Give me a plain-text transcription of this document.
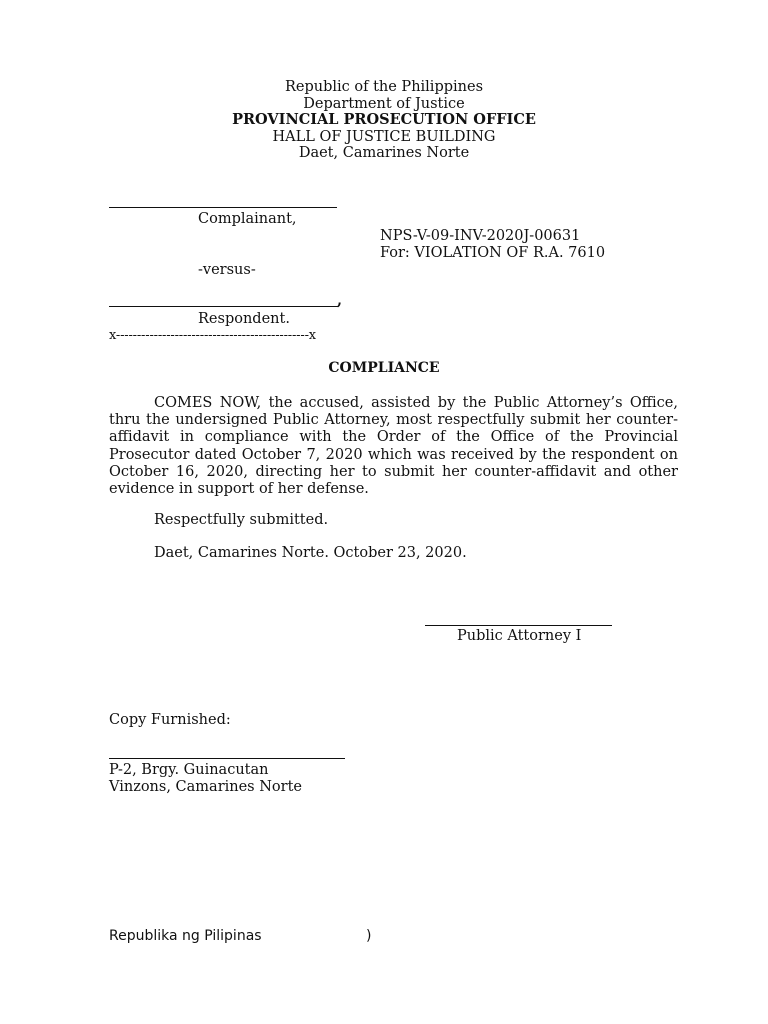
Republic of the Philippines
Department of Justice
PROVINCIAL PROSECUTION OFFICE
HALL OF JUSTICE BUILDING
Daet, Camarines Norte
Complainant,
NPS-V-09-INV-2020J-00631
For: VIOLATION OF R.A. 7610
-versus-
,
Respondent.
x----------------------------------------------x
COMPLIANCE
COMES NOW, the accused, assisted by the Public Attorney’s Office, thru the undersigned Public Attorney, most respectfully submit her counter-affidavit in compliance with the Order of the Office of the Provincial Prosecutor dated October 7, 2020 which was received by the respondent on October 16, 2020, directing her to submit her counter-affidavit and other evidence in support of her defense.
Respectfully submitted.
Daet, Camarines Norte. October 23, 2020.
Public Attorney I
Copy Furnished:
P-2, Brgy. Guinacutan
Vinzons, Camarines Norte
Republika ng Pilipinas	)
